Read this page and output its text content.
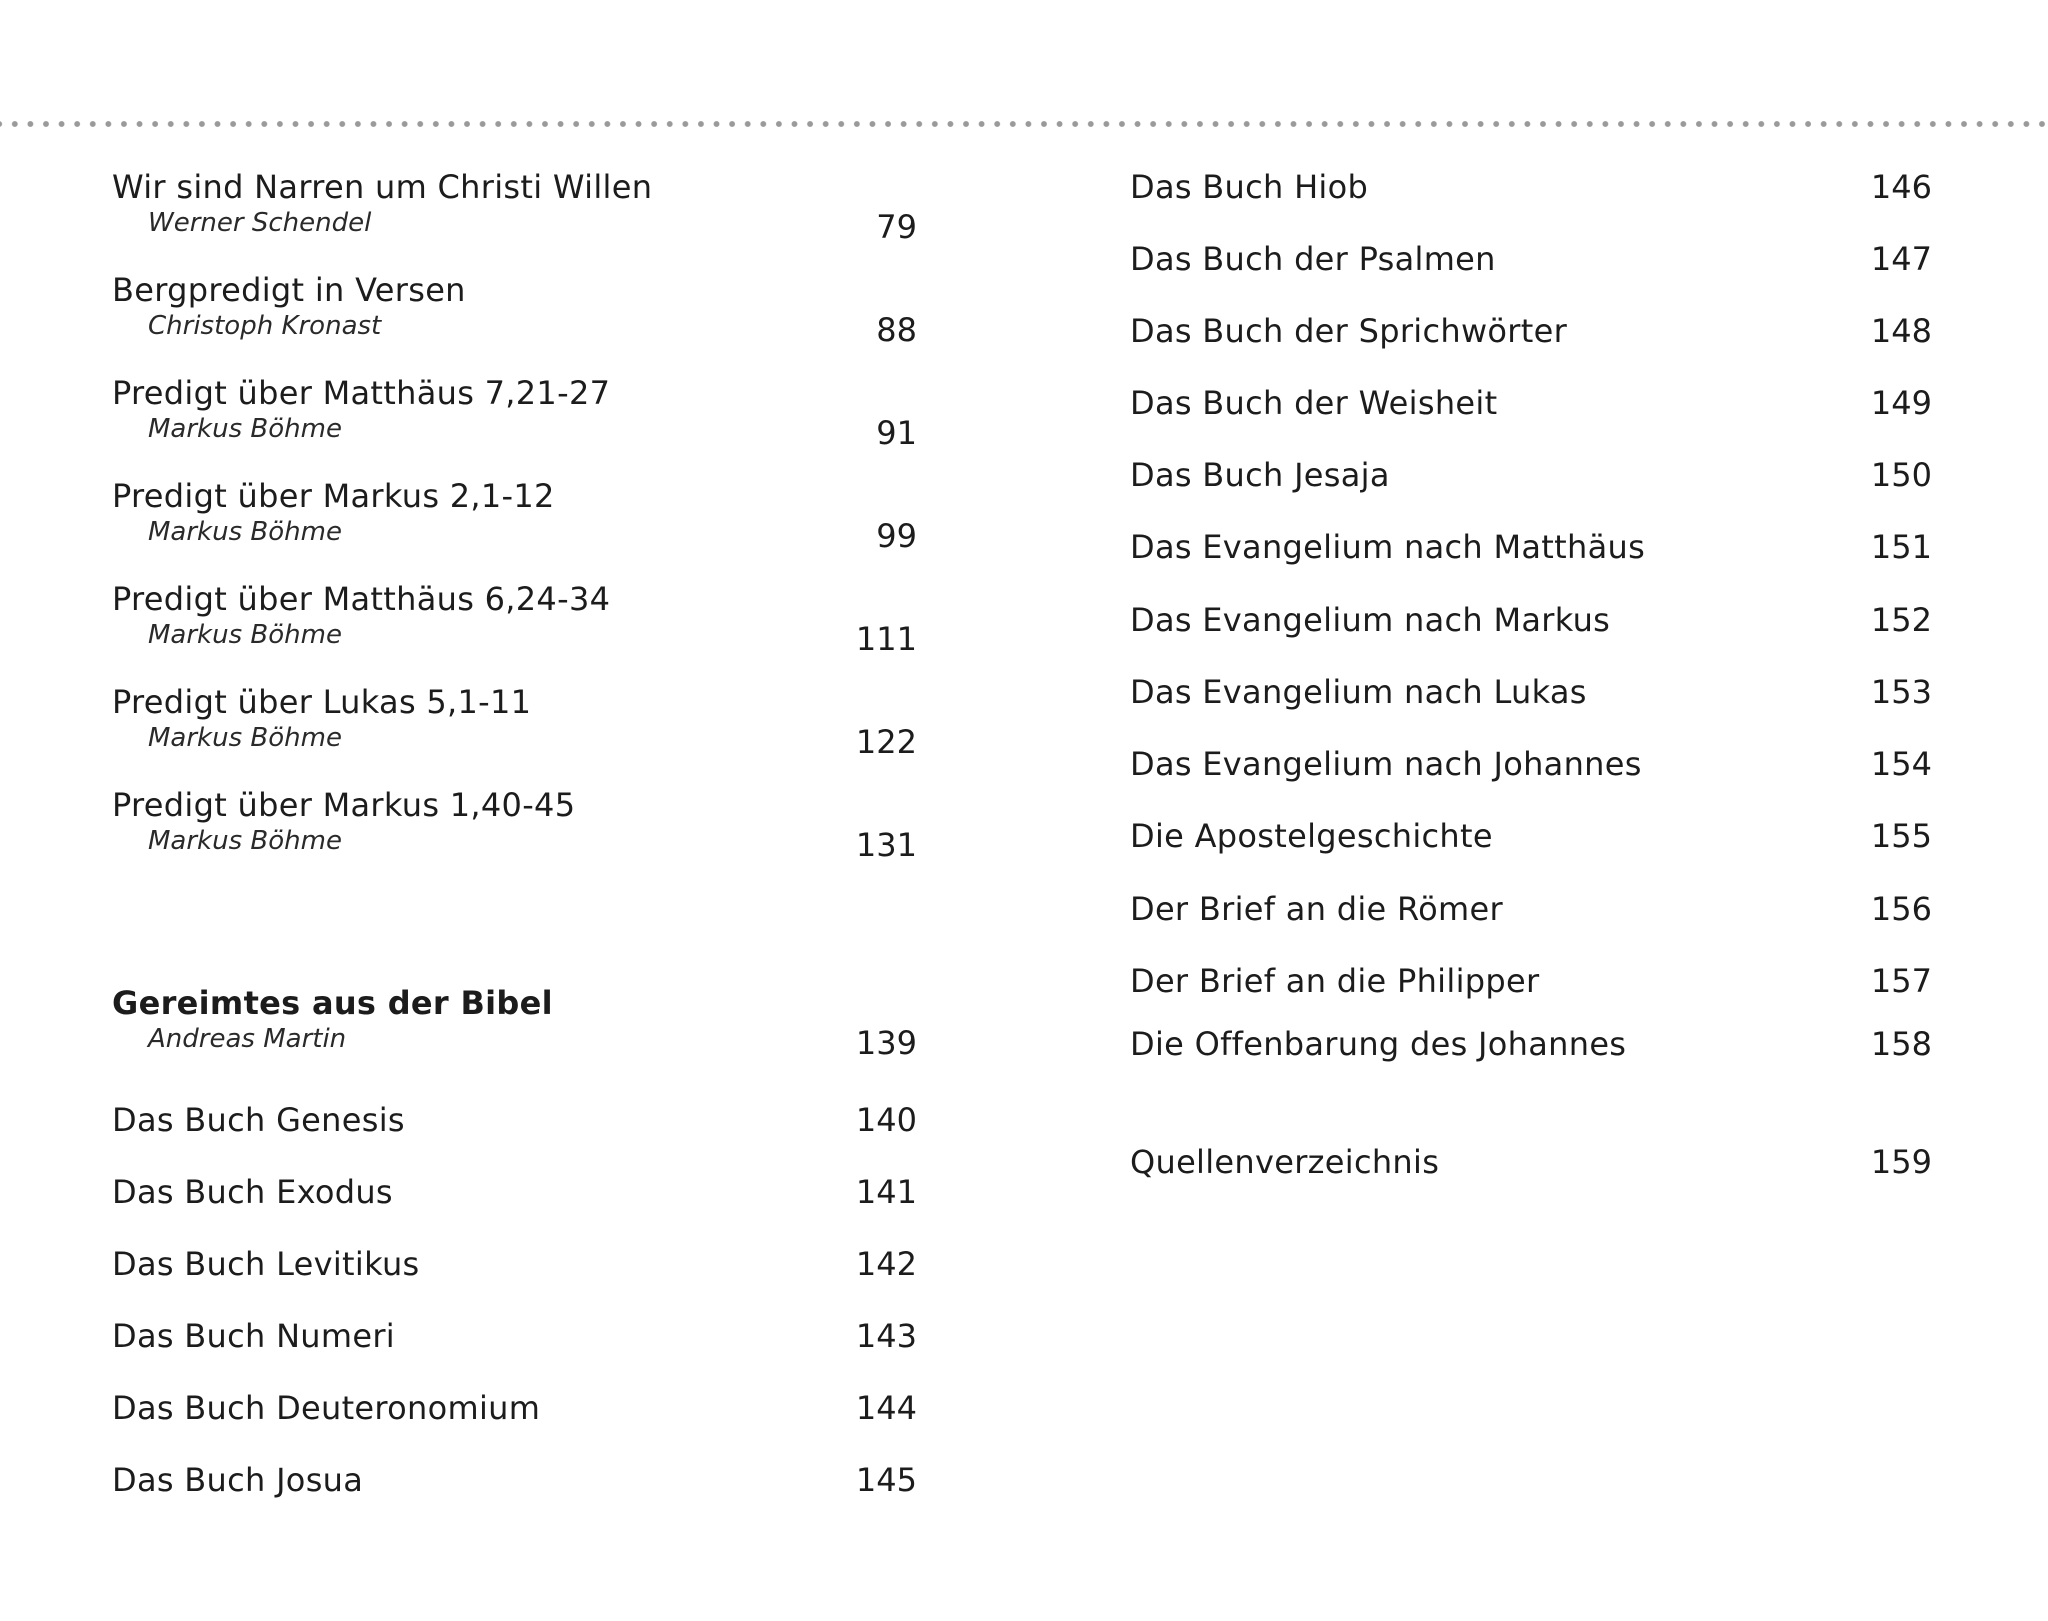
Wir sind Narren um Christi Willen
Werner Schendel	79
Bergpredigt in Versen
Christoph Kronast	88
Predigt über Matthäus 7,21-27
Markus Böhme	91
Predigt über Markus 2,1-12
Markus Böhme	99
Predigt über Matthäus 6,24-34
Markus Böhme	111
Predigt über Lukas 5,1-11
Markus Böhme	122
Predigt über Markus 1,40-45
Markus Böhme	131
Gereimtes aus der Bibel
Andreas Martin	139
Das Buch Genesis	140
Das Buch Exodus	141
Das Buch Levitikus	142
Das Buch Numeri	143
Das Buch Deuteronomium	144
Das Buch Josua	145
Das Buch Hiob	146
Das Buch der Psalmen	147
Das Buch der Sprichwörter	148
Das Buch der Weisheit	149
Das Buch Jesaja	150
Das Evangelium nach Matthäus	151
Das Evangelium nach Markus	152
Das Evangelium nach Lukas	153
Das Evangelium nach Johannes	154
Die Apostelgeschichte	155
Der Brief an die Römer	156
Der Brief an die Philipper	157
Die Offenbarung des Johannes	158
Quellenverzeichnis	159
